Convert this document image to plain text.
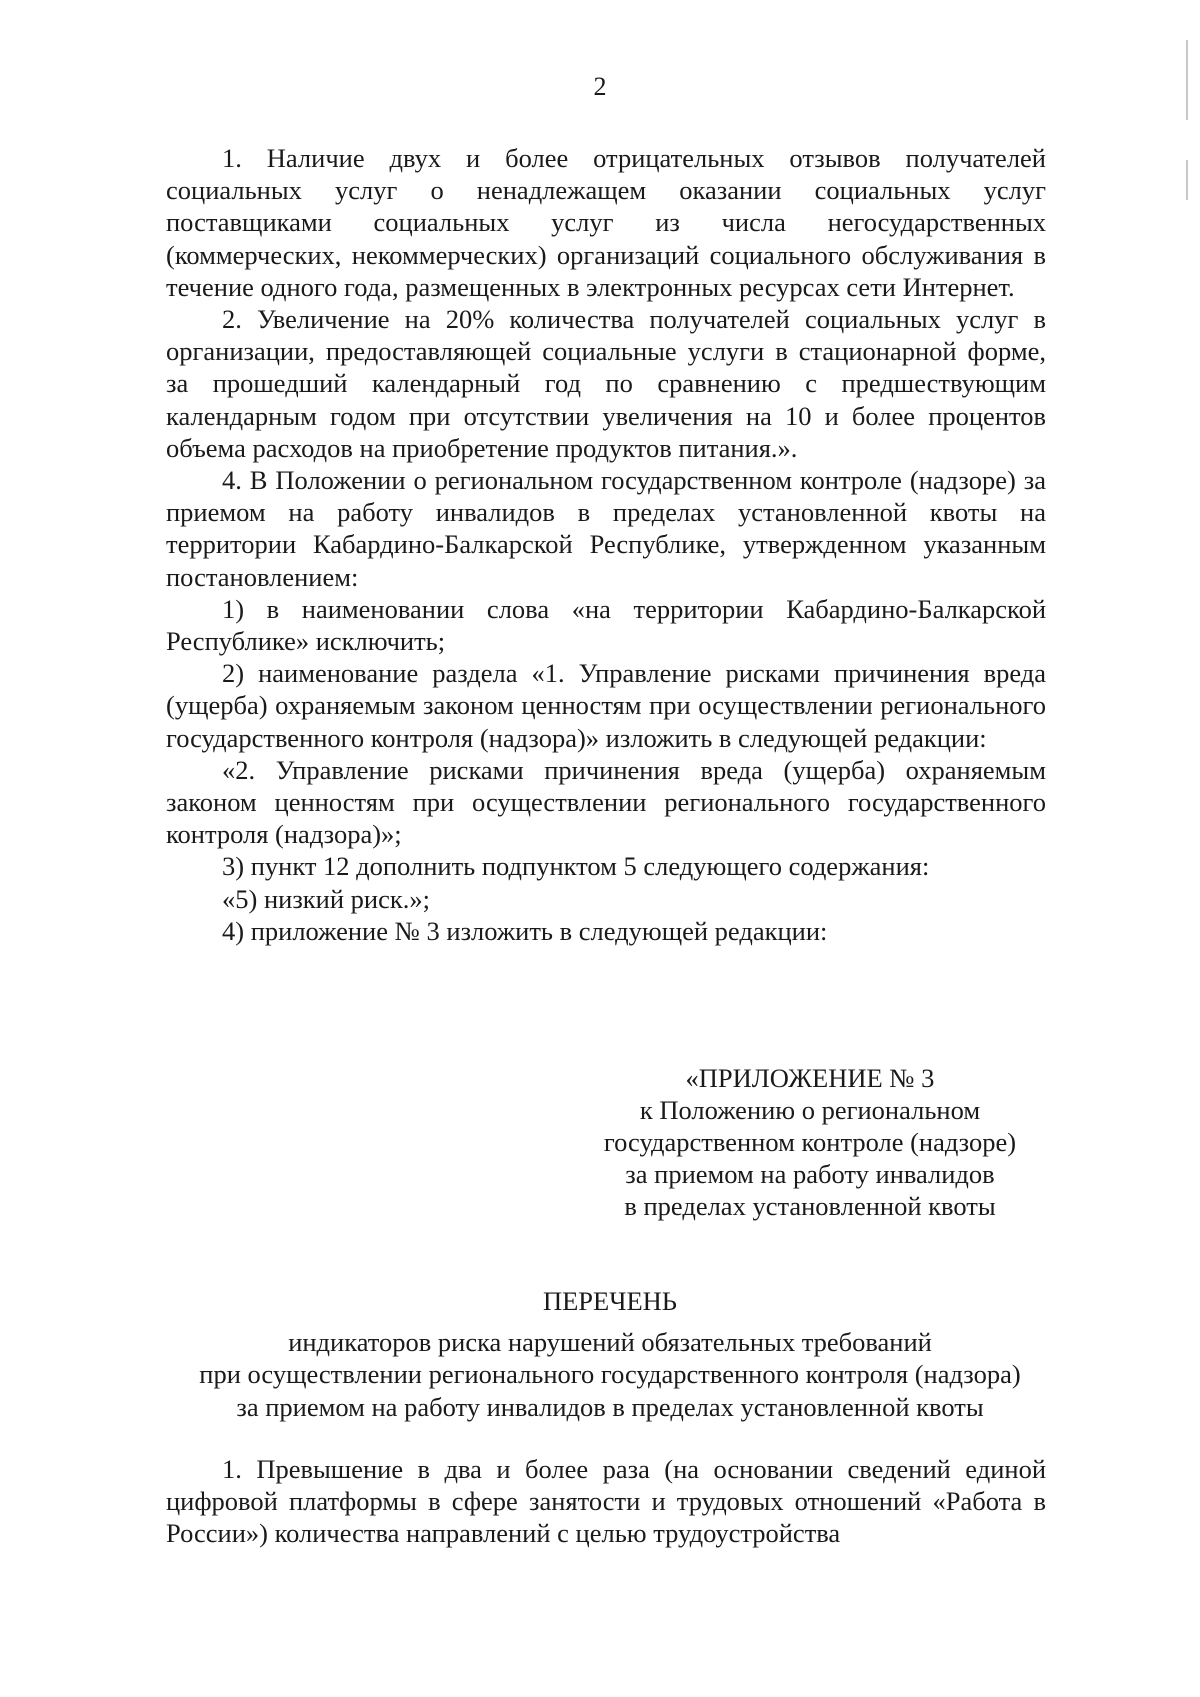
2

1. Наличие двух и более отрицательных отзывов получателей социальных услуг о ненадлежащем оказании социальных услуг поставщиками социальных услуг из числа негосударственных (коммерческих, некоммерческих) организаций социального обслуживания в течение одного года, размещенных в электронных ресурсах сети Интернет.

2. Увеличение на 20% количества получателей социальных услуг в организации, предоставляющей социальные услуги в стационарной форме, за прошедший календарный год по сравнению с предшествующим календарным годом при отсутствии увеличения на 10 и более процентов объема расходов на приобретение продуктов питания.».

4. В Положении о региональном государственном контроле (надзоре) за приемом на работу инвалидов в пределах установленной квоты на территории Кабардино-Балкарской Республике, утвержденном указанным постановлением:

1) в наименовании слова «на территории Кабардино-Балкарской Республике» исключить;

2) наименование раздела «1. Управление рисками причинения вреда (ущерба) охраняемым законом ценностям при осуществлении регионального государственного контроля (надзора)» изложить в следующей редакции:

«2. Управление рисками причинения вреда (ущерба) охраняемым законом ценностям при осуществлении регионального государственного контроля (надзора)»;

3) пункт 12 дополнить подпунктом 5 следующего содержания:

«5) низкий риск.»;

4) приложение № 3 изложить в следующей редакции:

«ПРИЛОЖЕНИЕ № 3
к Положению о региональном
государственном контроле (надзоре)
за приемом на работу инвалидов
в пределах установленной квоты
ПЕРЕЧЕНЬ
индикаторов риска нарушений обязательных требований
при осуществлении регионального государственного контроля (надзора)
за приемом на работу инвалидов в пределах установленной квоты

1. Превышение в два и более раза (на основании сведений единой цифровой платформы в сфере занятости и трудовых отношений «Работа в России») количества направлений с целью трудоустройства
